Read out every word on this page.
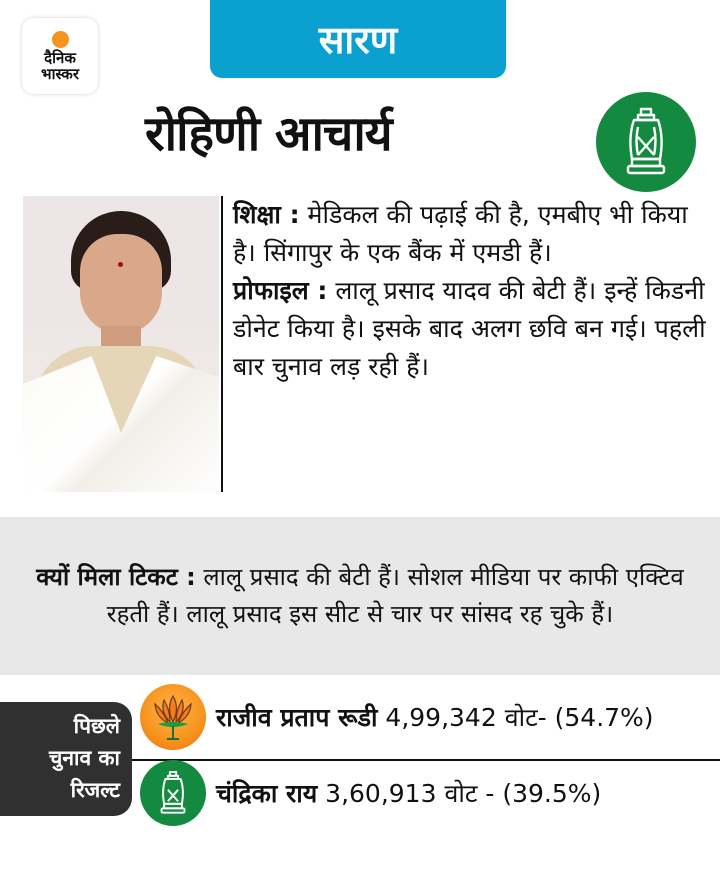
दैनिक
भास्कर
सारण
रोहिणी आचार्य

शिक्षा : मेडिकल की पढ़ाई की है, एमबीए भी किया है। सिंगापुर के एक बैंक में एमडी हैं।

प्रोफाइल : लालू प्रसाद यादव की बेटी हैं। इन्हें किडनी डोनेट किया है। इसके बाद अलग छवि बन गई। पहली बार चुनाव लड़ रही हैं।

क्यों मिला टिकट : लालू प्रसाद की बेटी हैं। सोशल मीडिया पर काफी एक्टिव रहती हैं। लालू प्रसाद इस सीट से चार पर सांसद रह चुके हैं।

पिछले
चुनाव का
रिजल्ट
राजीव प्रताप रूडी 4,99,342 वोट- (54.7%)
चंद्रिका राय 3,60,913 वोट - (39.5%)
